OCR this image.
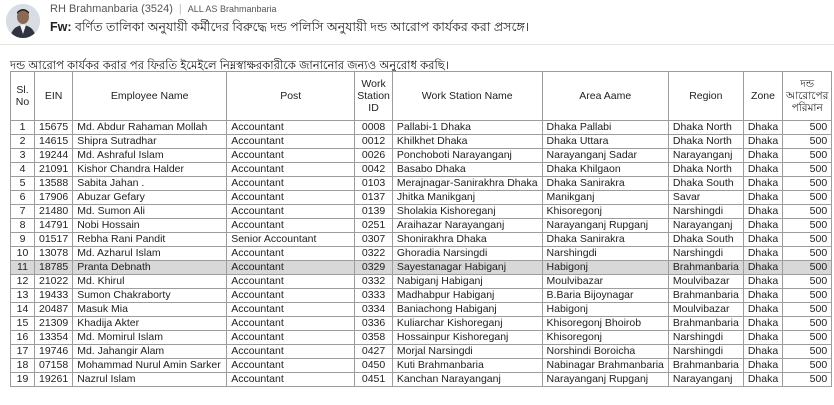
RH Brahmanbaria (3524) | ALL AS Brahmanbaria
Fw: বর্ণিত তালিকা অনুযায়ী কর্মীদের বিরুদ্ধে দন্ড পলিসি অনুযায়ী দন্ড আরোপ কার্যকর করা প্রসঙ্গে।
দন্ড আরোপ কার্যকর করার পর ফিরতি ইমেইলে নিম্নস্বাক্ষরকারীকে জানানোর জন্যও অনুরোধ করছি।
Sl. No	EIN	Employee Name	Post	Work Station ID	Work Station Name	Area Aame	Region	Zone	দন্ড আরোপের পরিমান
1	15675	Md. Abdur Rahaman Mollah	Accountant	0008	Pallabi-1 Dhaka	Dhaka Pallabi	Dhaka North	Dhaka	500
2	14615	Shipra Sutradhar	Accountant	0012	Khilkhet Dhaka	Dhaka Uttara	Dhaka North	Dhaka	500
3	19244	Md. Ashraful Islam	Accountant	0026	Ponchoboti Narayanganj	Narayanganj Sadar	Narayanganj	Dhaka	500
4	21091	Kishor Chandra Halder	Accountant	0042	Basabo Dhaka	Dhaka Khilgaon	Dhaka North	Dhaka	500
5	13588	Sabita Jahan .	Accountant	0103	Merajnagar-Sanirakhra Dhaka	Dhaka Sanirakra	Dhaka South	Dhaka	500
6	17906	Abuzar Gefary	Accountant	0137	Jhitka Manikganj	Manikganj	Savar	Dhaka	500
7	21480	Md. Sumon Ali	Accountant	0139	Sholakia Kishoreganj	Khisoregonj	Narshingdi	Dhaka	500
8	14791	Nobi Hossain	Accountant	0251	Araihazar Narayanganj	Narayanganj Rupganj	Narayanganj	Dhaka	500
9	01517	Rebha Rani Pandit	Senior Accountant	0307	Shonirakhra Dhaka	Dhaka Sanirakra	Dhaka South	Dhaka	500
10	13078	Md. Azharul Islam	Accountant	0322	Ghoradia Narsingdi	Narshingdi	Narshingdi	Dhaka	500
11	18785	Pranta Debnath	Accountant	0329	Sayestanagar Habiganj	Habigonj	Brahmanbaria	Dhaka	500
12	21022	Md. Khirul	Accountant	0332	Nabiganj Habiganj	Moulvibazar	Moulvibazar	Dhaka	500
13	19433	Sumon Chakraborty	Accountant	0333	Madhabpur Habiganj	B.Baria Bijoynagar	Brahmanbaria	Dhaka	500
14	20487	Masuk Mia	Accountant	0334	Baniachong Habiganj	Habigonj	Moulvibazar	Dhaka	500
15	21309	Khadija Akter	Accountant	0336	Kuliarchar Kishoreganj	Khisoregonj Bhoirob	Brahmanbaria	Dhaka	500
16	13354	Md. Momirul Islam	Accountant	0358	Hossainpur Kishoreganj	Khisoregonj	Narshingdi	Dhaka	500
17	19746	Md. Jahangir Alam	Accountant	0427	Morjal Narsingdi	Norshindi Boroicha	Narshingdi	Dhaka	500
18	07158	Mohammad Nurul Amin Sarker	Accountant	0450	Kuti Brahmanbaria	Nabinagar Brahmanbaria	Brahmanbaria	Dhaka	500
19	19261	Nazrul Islam	Accountant	0451	Kanchan Narayanganj	Narayanganj Rupganj	Narayanganj	Dhaka	500
